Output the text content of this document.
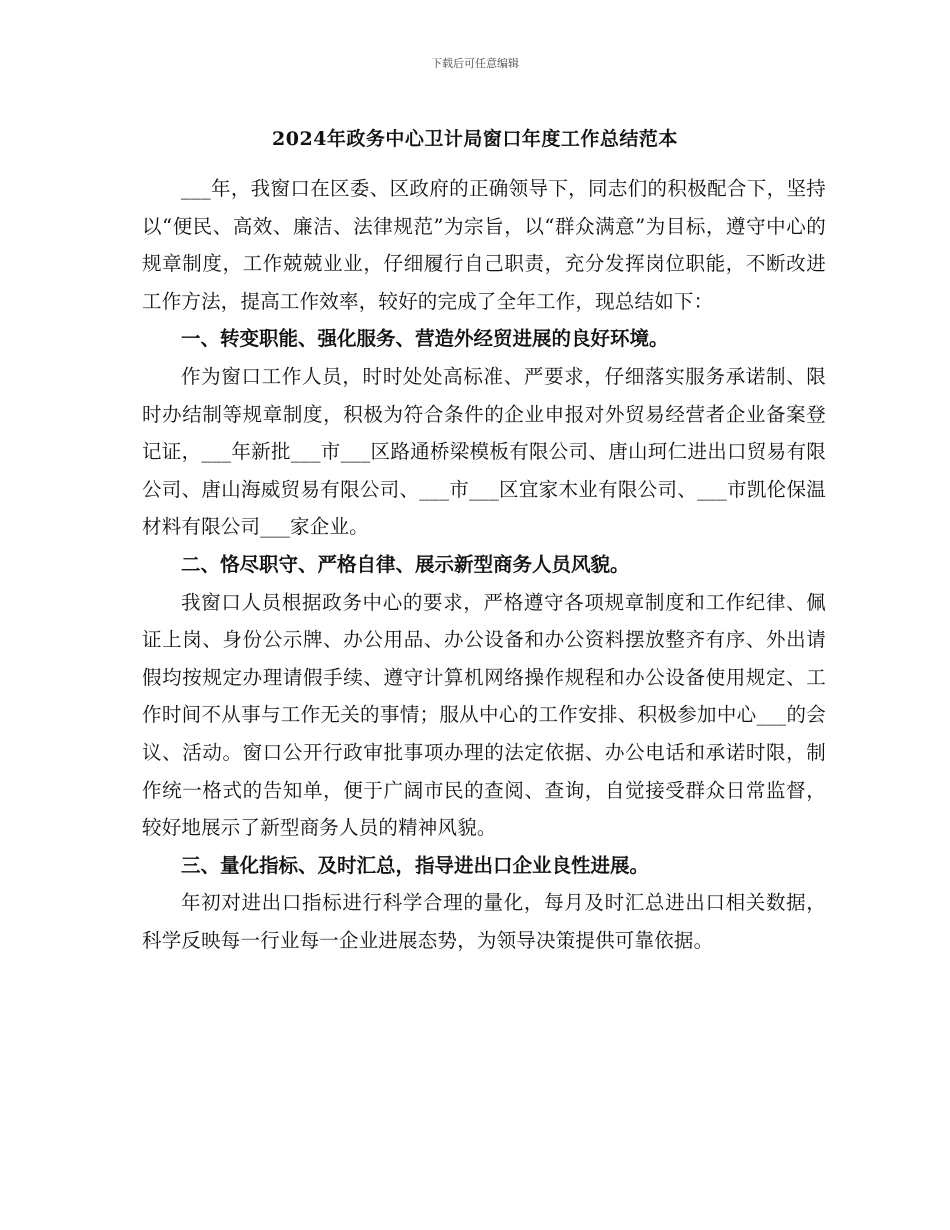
下载后可任意编辑
2024年政务中心卫计局窗口年度工作总结范本

___年，我窗口在区委、区政府的正确领导下，同志们的积极配合下，坚持以“便民、高效、廉洁、法律规范”为宗旨，以“群众满意”为目标，遵守中心的规章制度，工作兢兢业业，仔细履行自己职责，充分发挥岗位职能，不断改进工作方法，提高工作效率，较好的完成了全年工作，现总结如下：

一、转变职能、强化服务、营造外经贸进展的良好环境。

作为窗口工作人员，时时处处高标准、严要求，仔细落实服务承诺制、限时办结制等规章制度，积极为符合条件的企业申报对外贸易经营者企业备案登记证，___年新批___市___区路通桥梁模板有限公司、唐山珂仁进出口贸易有限公司、唐山海威贸易有限公司、___市___区宜家木业有限公司、___市凯伦保温材料有限公司___家企业。

二、恪尽职守、严格自律、展示新型商务人员风貌。

我窗口人员根据政务中心的要求，严格遵守各项规章制度和工作纪律、佩证上岗、身份公示牌、办公用品、办公设备和办公资料摆放整齐有序、外出请假均按规定办理请假手续、遵守计算机网络操作规程和办公设备使用规定、工作时间不从事与工作无关的事情；服从中心的工作安排、积极参加中心___的会议、活动。窗口公开行政审批事项办理的法定依据、办公电话和承诺时限，制作统一格式的告知单，便于广阔市民的查阅、查询，自觉接受群众日常监督，较好地展示了新型商务人员的精神风貌。

三、量化指标、及时汇总，指导进出口企业良性进展。

年初对进出口指标进行科学合理的量化，每月及时汇总进出口相关数据，科学反映每一行业每一企业进展态势，为领导决策提供可靠依据。
